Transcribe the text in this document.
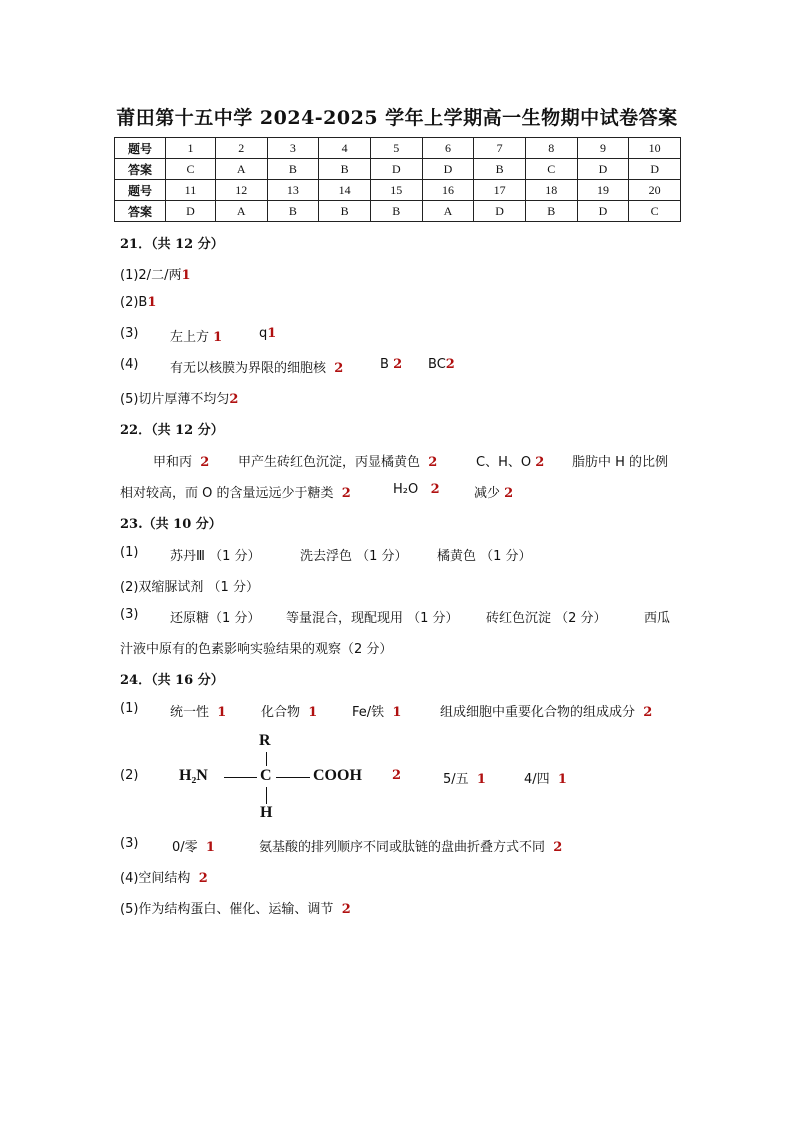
莆田第十五中学 2024-2025 学年上学期高一生物期中试卷答案
题号	1	2	3	4	5	6	7	8	9	10
答案	C	A	B	B	D	D	B	C	D	D
题号	11	12	13	14	15	16	17	18	19	20
答案	D	A	B	B	B	A	D	B	D	C
21．（共 12 分）
(1)2/二/两1
(2)B1
(3) 左上方 1	q1
(4) 有无以核膜为界限的细胞核 2	B 2 BC2
(5)切片厚薄不均匀2
22．（共 12 分）
甲和丙 2 甲产生砖红色沉淀，丙显橘黄色 2	C、H、O 2 脂肪中 H 的比例
相对较高，而 O 的含量远远少于糖类 2	H₂O 2	减少 2
23.（共 10 分）
(1) 苏丹Ⅲ （1 分）	洗去浮色 （1 分） 橘黄色 （1 分）
(2)双缩脲试剂 （1 分）
(3) 还原糖（1 分） 等量混合，现配现用 （1 分） 砖红色沉淀 （2 分）	西瓜
汁液中原有的色素影响实验结果的观察（2 分）
24．（共 16 分）
(1) 统一性 1	化合物 1	Fe/铁 1	组成细胞中重要化合物的组成成分 2
(2)
R
H₂N	C	COOH
H
2	5/五 1	4/四 1
(3)	0/零 1	氨基酸的排列顺序不同或肽链的盘曲折叠方式不同 2
(4)空间结构 2
(5)作为结构蛋白、催化、运输、调节 2
